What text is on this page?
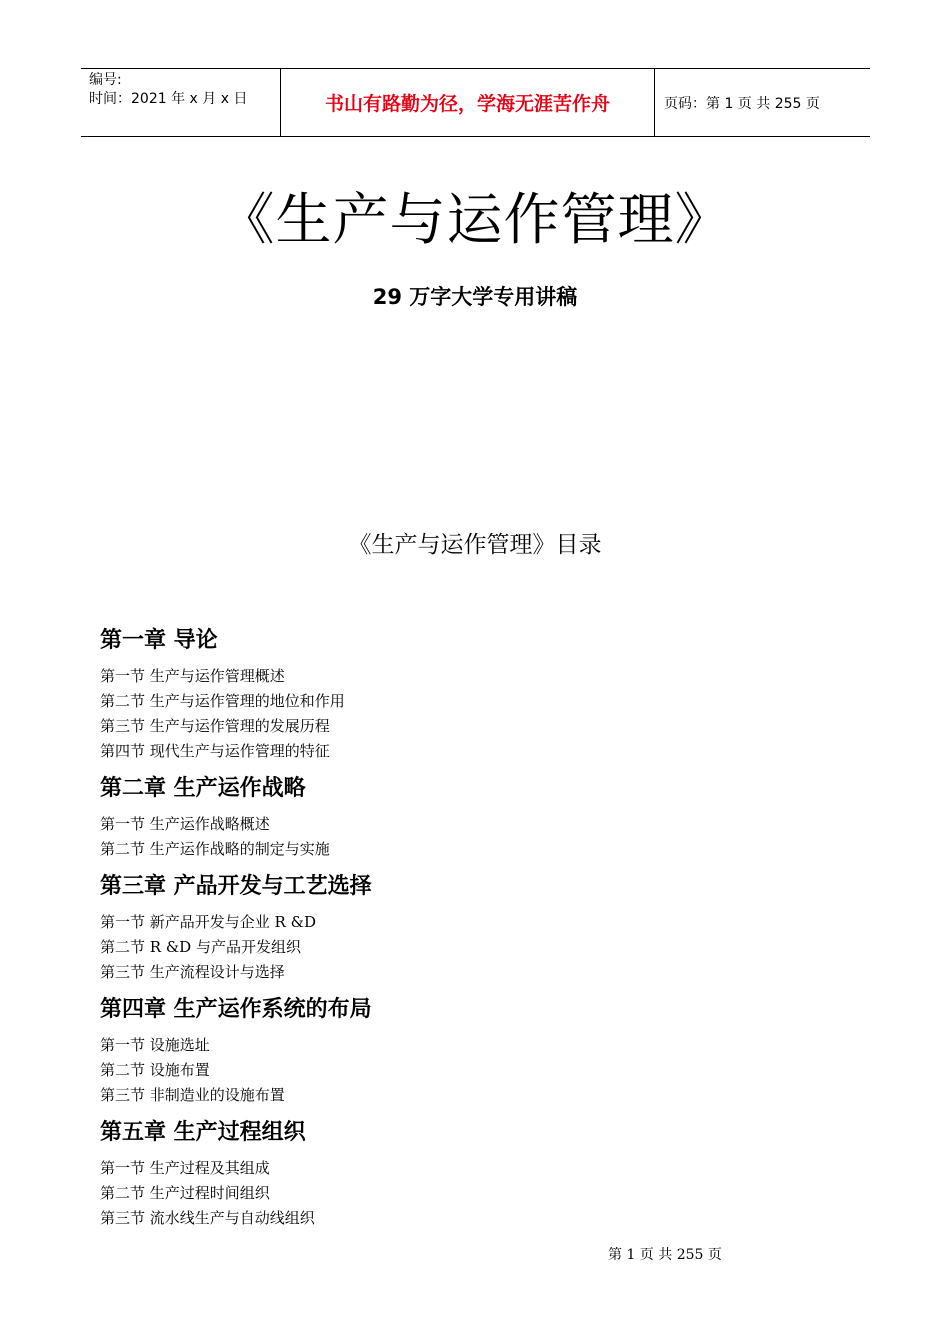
编号:
时间：2021 年 x 月 x 日	书山有路勤为径，学海无涯苦作舟	页码：第 1 页 共 255 页
《生产与运作管理》
29 万字大学专用讲稿
《生产与运作管理》目录
第一章 导论
第一节 生产与运作管理概述
第二节 生产与运作管理的地位和作用
第三节 生产与运作管理的发展历程
第四节 现代生产与运作管理的特征
第二章 生产运作战略
第一节 生产运作战略概述
第二节 生产运作战略的制定与实施
第三章 产品开发与工艺选择
第一节 新产品开发与企业 R &D
第二节 R &D 与产品开发组织
第三节 生产流程设计与选择
第四章 生产运作系统的布局
第一节 设施选址
第二节 设施布置
第三节 非制造业的设施布置
第五章 生产过程组织
第一节 生产过程及其组成
第二节 生产过程时间组织
第三节 流水线生产与自动线组织
第 1 页 共 255 页
